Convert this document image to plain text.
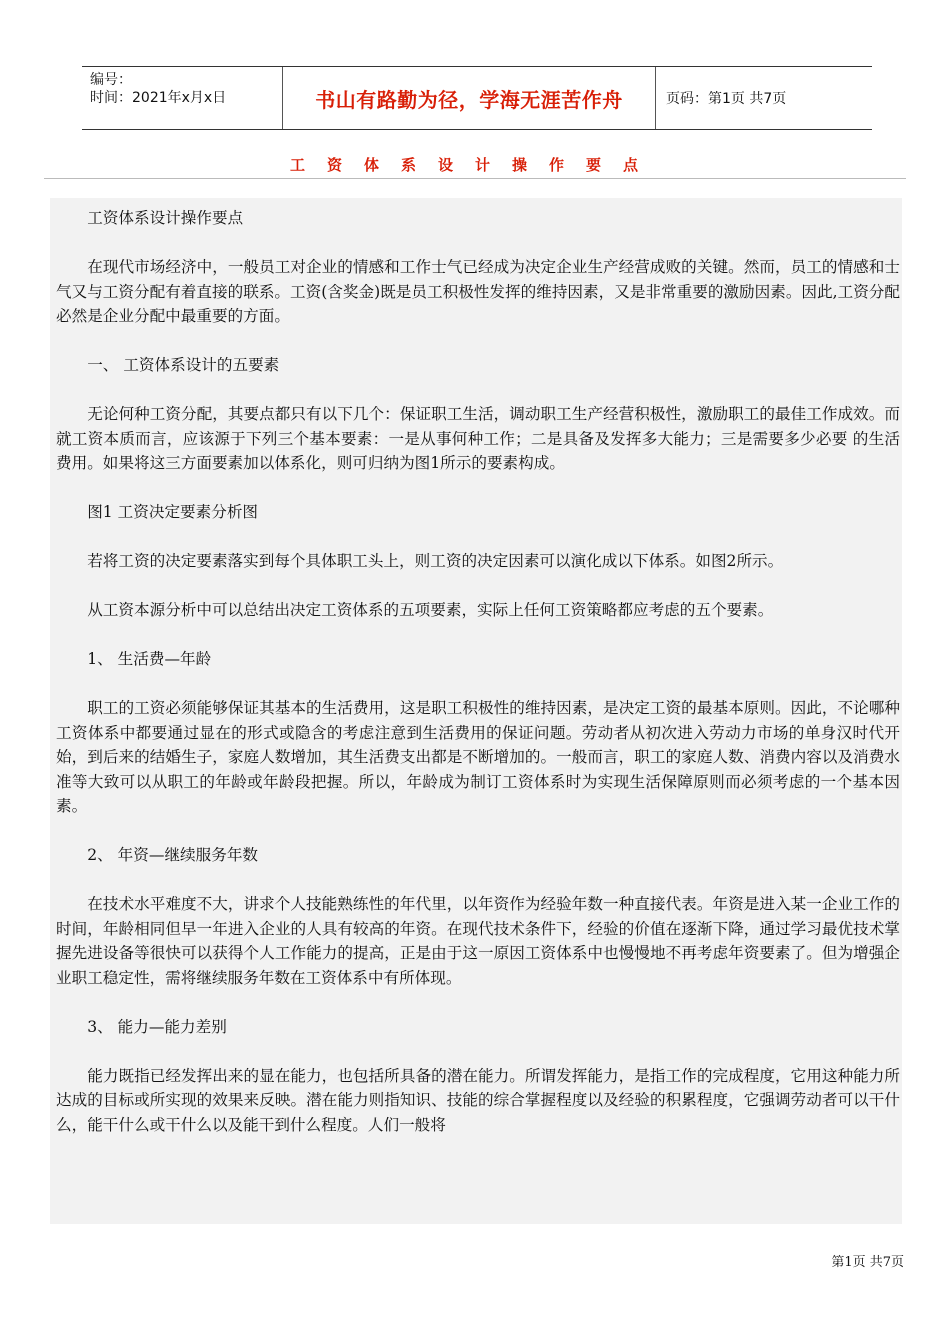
编号：
时间：2021年x月x日	书山有路勤为径，学海无涯苦作舟	页码：第1页 共7页
工资体系设计操作要点

工资体系设计操作要点

在现代市场经济中，一般员工对企业的情感和工作士气已经成为决定企业生产经营成败的关键。然而，员工的情感和士气又与工资分配有着直接的联系。工资(含奖金)既是员工积极性发挥的维持因素，又是非常重要的激励因素。因此,工资分配必然是企业分配中最重要的方面。

一、 工资体系设计的五要素

无论何种工资分配，其要点都只有以下几个：保证职工生活，调动职工生产经营积极性，激励职工的最佳工作成效。而就工资本质而言，应该源于下列三个基本要素：一是从事何种工作；二是具备及发挥多大能力；三是需要多少必要 的生活费用。如果将这三方面要素加以体系化，则可归纳为图1所示的要素构成。

图1 工资决定要素分析图

若将工资的决定要素落实到每个具体职工头上，则工资的决定因素可以演化成以下体系。如图2所示。

从工资本源分析中可以总结出决定工资体系的五项要素，实际上任何工资策略都应考虑的五个要素。

1、 生活费—年龄

职工的工资必须能够保证其基本的生活费用，这是职工积极性的维持因素，是决定工资的最基本原则。因此，不论哪种工资体系中都要通过显在的形式或隐含的考虑注意到生活费用的保证问题。劳动者从初次进入劳动力市场的单身汉时代开始，到后来的结婚生子，家庭人数增加，其生活费支出都是不断增加的。一般而言，职工的家庭人数、消费内容以及消费水准等大致可以从职工的年龄或年龄段把握。所以，年龄成为制订工资体系时为实现生活保障原则而必须考虑的一个基本因素。

2、 年资—继续服务年数

在技术水平难度不大，讲求个人技能熟练性的年代里，以年资作为经验年数一种直接代表。年资是进入某一企业工作的时间，年龄相同但早一年进入企业的人具有较高的年资。在现代技术条件下，经验的价值在逐渐下降，通过学习最优技术掌握先进设备等很快可以获得个人工作能力的提高，正是由于这一原因工资体系中也慢慢地不再考虑年资要素了。但为增强企业职工稳定性，需将继续服务年数在工资体系中有所体现。

3、 能力—能力差别

能力既指已经发挥出来的显在能力，也包括所具备的潜在能力。所谓发挥能力，是指工作的完成程度，它用这种能力所达成的目标或所实现的效果来反映。潜在能力则指知识、技能的综合掌握程度以及经验的积累程度，它强调劳动者可以干什么，能干什么或干什么以及能干到什么程度。人们一般将

第1页 共7页
